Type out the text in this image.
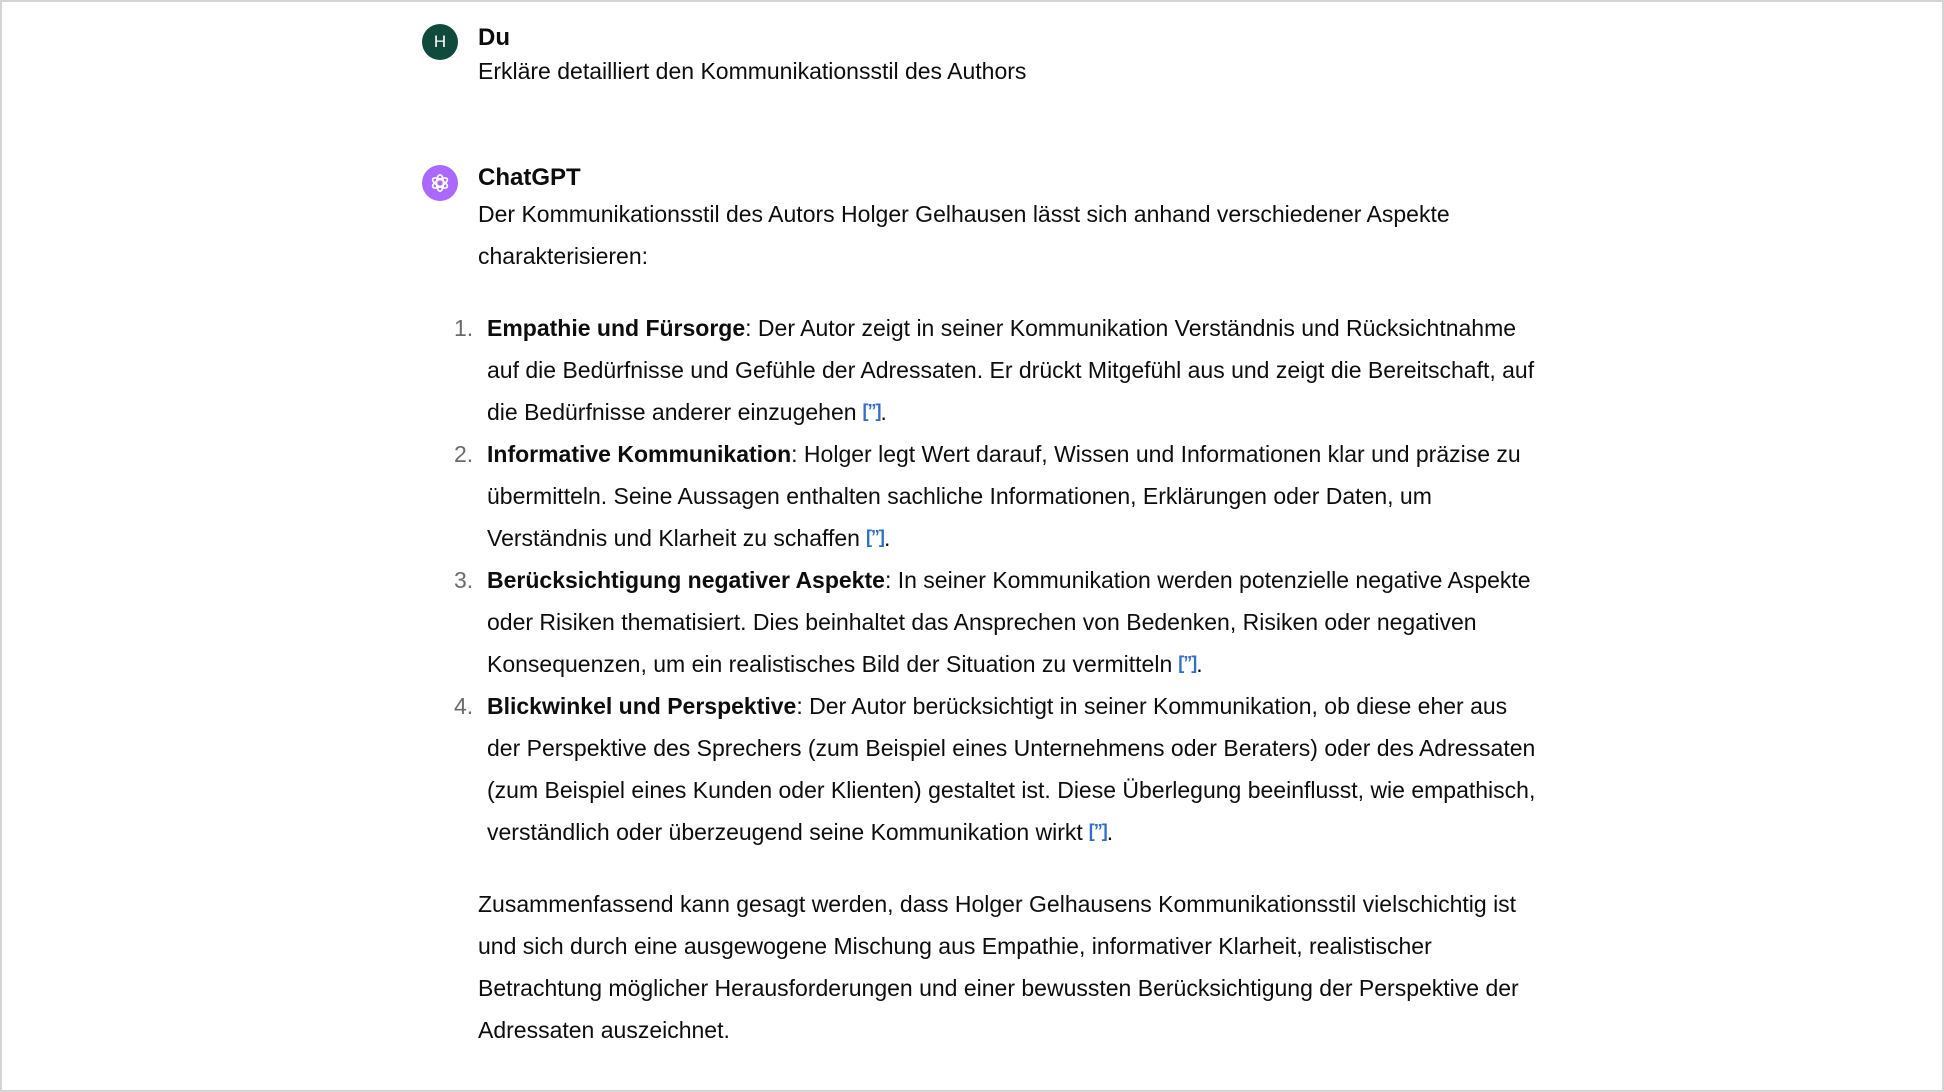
H Du

Erkläre detailliert den Kommunikationsstil des Authors

ChatGPT

Der Kommunikationsstil des Autors Holger Gelhausen lässt sich anhand verschiedener Aspekte charakterisieren:

1. Empathie und Fürsorge: Der Autor zeigt in seiner Kommunikation Verständnis und Rücksichtnahme auf die Bedürfnisse und Gefühle der Adressaten. Er drückt Mitgefühl aus und zeigt die Bereitschaft, auf die Bedürfnisse anderer einzugehen [”].
2. Informative Kommunikation: Holger legt Wert darauf, Wissen und Informationen klar und präzise zu übermitteln. Seine Aussagen enthalten sachliche Informationen, Erklärungen oder Daten, um Verständnis und Klarheit zu schaffen [”].
3. Berücksichtigung negativer Aspekte: In seiner Kommunikation werden potenzielle negative Aspekte oder Risiken thematisiert. Dies beinhaltet das Ansprechen von Bedenken, Risiken oder negativen Konsequenzen, um ein realistisches Bild der Situation zu vermitteln [”].
4. Blickwinkel und Perspektive: Der Autor berücksichtigt in seiner Kommunikation, ob diese eher aus der Perspektive des Sprechers (zum Beispiel eines Unternehmens oder Beraters) oder des Adressaten (zum Beispiel eines Kunden oder Klienten) gestaltet ist. Diese Überlegung beeinflusst, wie empathisch, verständlich oder überzeugend seine Kommunikation wirkt [”].

Zusammenfassend kann gesagt werden, dass Holger Gelhausens Kommunikationsstil vielschichtig ist und sich durch eine ausgewogene Mischung aus Empathie, informativer Klarheit, realistischer Betrachtung möglicher Herausforderungen und einer bewussten Berücksichtigung der Perspektive der Adressaten auszeichnet.
